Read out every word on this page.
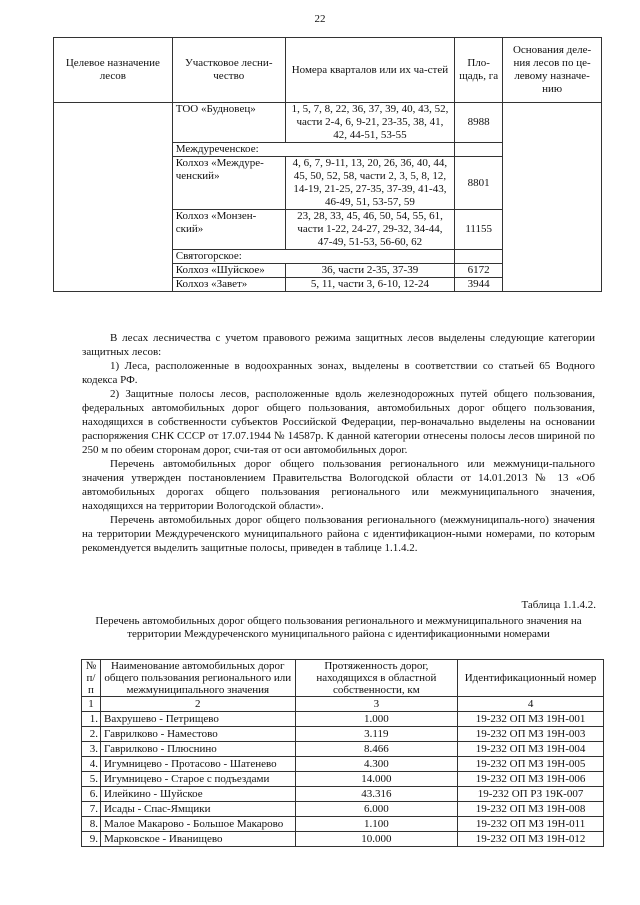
22
Целевое назначение лесов	Участковое лесни-чество	Номера кварталов или их ча-стей	Пло-щадь, га	Основания деле-ния лесов по це-левому назначе-нию
	ТОО «Будновец»	1, 5, 7, 8, 22, 36, 37, 39, 40, 43, 52, части 2-4, 6, 9-21, 23-35, 38, 41, 42, 44-51, 53-55	8988	
	Междуреченское:			
	Колхоз «Междуре-ченский»	4, 6, 7, 9-11, 13, 20, 26, 36, 40, 44, 45, 50, 52, 58, части 2, 3, 5, 8, 12, 14-19, 21-25, 27-35, 37-39, 41-43, 46-49, 51, 53-57, 59	8801	
	Колхоз «Монзен-ский»	23, 28, 33, 45, 46, 50, 54, 55, 61, части 1-22, 24-27, 29-32, 34-44, 47-49, 51-53, 56-60, 62	11155	
	Святогорское:			
	Колхоз «Шуйское»	36, части 2-35, 37-39	6172	
	Колхоз «Завет»	5, 11, части 3, 6-10, 12-24	3944	

В лесах лесничества с учетом правового режима защитных лесов выделены следующие категории защитных лесов:

1) Леса, расположенные в водоохранных зонах, выделены в соответствии со статьей 65 Водного кодекса РФ.

2) Защитные полосы лесов, расположенные вдоль железнодорожных путей общего пользования, федеральных автомобильных дорог общего пользования, автомобильных дорог общего пользования, находящихся в собственности субъектов Российской Федерации, пер-воначально выделены на основании распоряжения СНК СССР от 17.07.1944 № 14587р. К данной категории отнесены полосы лесов шириной по 250 м по обеим сторонам дорог, счи-тая от оси автомобильных дорог.

Перечень автомобильных дорог общего пользования регионального или межмуници-пального значения утвержден постановлением Правительства Вологодской области от 14.01.2013 № 13 «Об автомобильных дорогах общего пользования регионального или межмуниципального значения, находящихся на территории Вологодской области».

Перечень автомобильных дорог общего пользования регионального (межмуниципаль-ного) значения на территории Междуреченского муниципального района с идентификацион-ными номерами, по которым рекомендуется выделить защитные полосы, приведен в таблице 1.1.4.2.

Таблица 1.1.4.2.
Перечень автомобильных дорог общего пользования регионального и межмуниципального значения на территории Междуреченского муниципального района с идентификационными номерами
№ п/п	Наименование автомобильных дорог общего пользования регионального или межмуниципального значения	Протяженность дорог, находящихся в областной собственности, км	Идентификационный номер
1	2	3	4
1.	Вахрушево - Петрищево	1.000	19-232 ОП МЗ 19Н-001
2.	Гаврилково - Наместово	3.119	19-232 ОП МЗ 19Н-003
3.	Гаврилково - Плюснино	8.466	19-232 ОП МЗ 19Н-004
4.	Игумницево - Протасово - Шатенево	4.300	19-232 ОП МЗ 19Н-005
5.	Игумницево - Старое с подъездами	14.000	19-232 ОП МЗ 19Н-006
6.	Илейкино - Шуйское	43.316	19-232 ОП РЗ 19К-007
7.	Исады - Спас-Ямщики	6.000	19-232 ОП МЗ 19Н-008
8.	Малое Макарово - Большое Макарово	1.100	19-232 ОП МЗ 19Н-011
9.	Марковское - Иванищево	10.000	19-232 ОП МЗ 19Н-012
